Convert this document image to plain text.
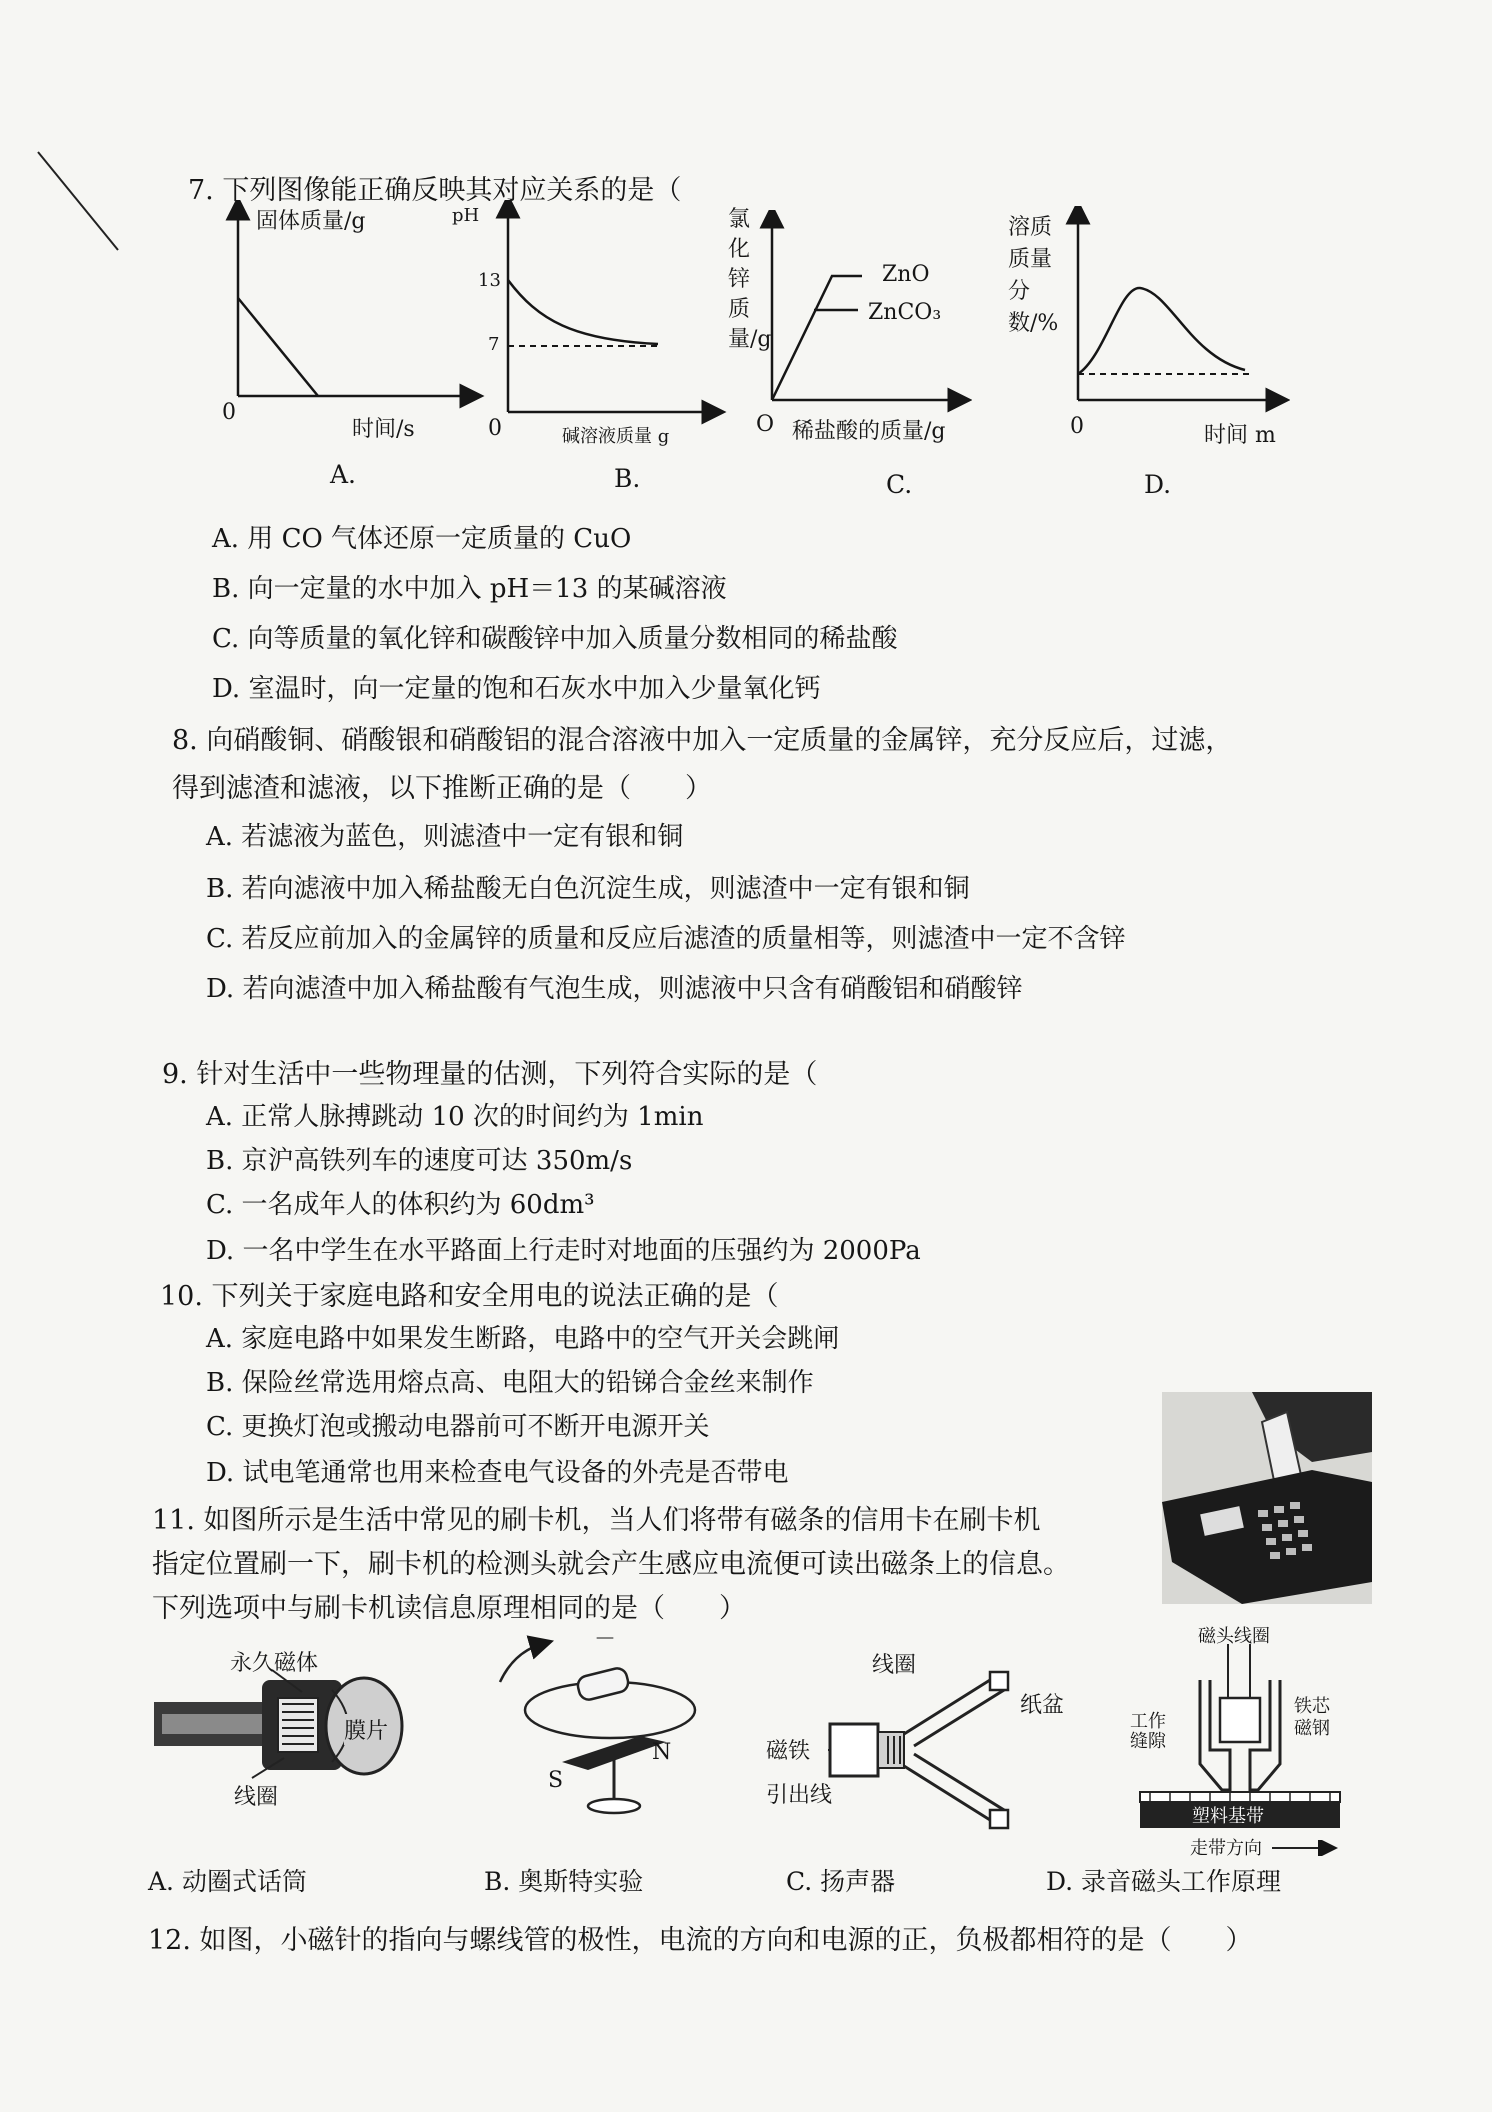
7. 下列图像能正确反映其对应关系的是（
固体质量/g
0
时间/s
A.
pH
13
7
0	碱溶液质量 g
B.
氯化锌质量/g
ZnO
ZnCO₃
O 稀盐酸的质量/g
C.
溶质质量分数/%
0	时间 m
D.
A. 用 CO 气体还原一定质量的 CuO
B. 向一定量的水中加入 pH＝13 的某碱溶液
C. 向等质量的氧化锌和碳酸锌中加入质量分数相同的稀盐酸
D. 室温时，向一定量的饱和石灰水中加入少量氧化钙
8. 向硝酸铜、硝酸银和硝酸铝的混合溶液中加入一定质量的金属锌，充分反应后，过滤，
得到滤渣和滤液，以下推断正确的是（　　）
A. 若滤液为蓝色，则滤渣中一定有银和铜
B. 若向滤液中加入稀盐酸无白色沉淀生成，则滤渣中一定有银和铜
C. 若反应前加入的金属锌的质量和反应后滤渣的质量相等，则滤渣中一定不含锌
D. 若向滤渣中加入稀盐酸有气泡生成，则滤液中只含有硝酸铝和硝酸锌
9. 针对生活中一些物理量的估测，下列符合实际的是（
A. 正常人脉搏跳动 10 次的时间约为 1min
B. 京沪高铁列车的速度可达 350m/s
C. 一名成年人的体积约为 60dm³
D. 一名中学生在水平路面上行走时对地面的压强约为 2000Pa
10. 下列关于家庭电路和安全用电的说法正确的是（
A. 家庭电路中如果发生断路，电路中的空气开关会跳闸
B. 保险丝常选用熔点高、电阻大的铅锑合金丝来制作
C. 更换灯泡或搬动电器前可不断开电源开关
D. 试电笔通常也用来检查电气设备的外壳是否带电
11. 如图所示是生活中常见的刷卡机，当人们将带有磁条的信用卡在刷卡机
指定位置刷一下，刷卡机的检测头就会产生感应电流便可读出磁条上的信息。
下列选项中与刷卡机读信息原理相同的是（　　）
永久磁体
膜片
线圈
A. 动圈式话筒
－
S
N
B. 奥斯特实验
线圈
纸盆
磁铁
引出线
C. 扬声器
磁头线圈
工作缝隙
铁芯磁钢
塑料基带
走带方向
D. 录音磁头工作原理
12. 如图，小磁针的指向与螺线管的极性，电流的方向和电源的正，负极都相符的是（　　）
